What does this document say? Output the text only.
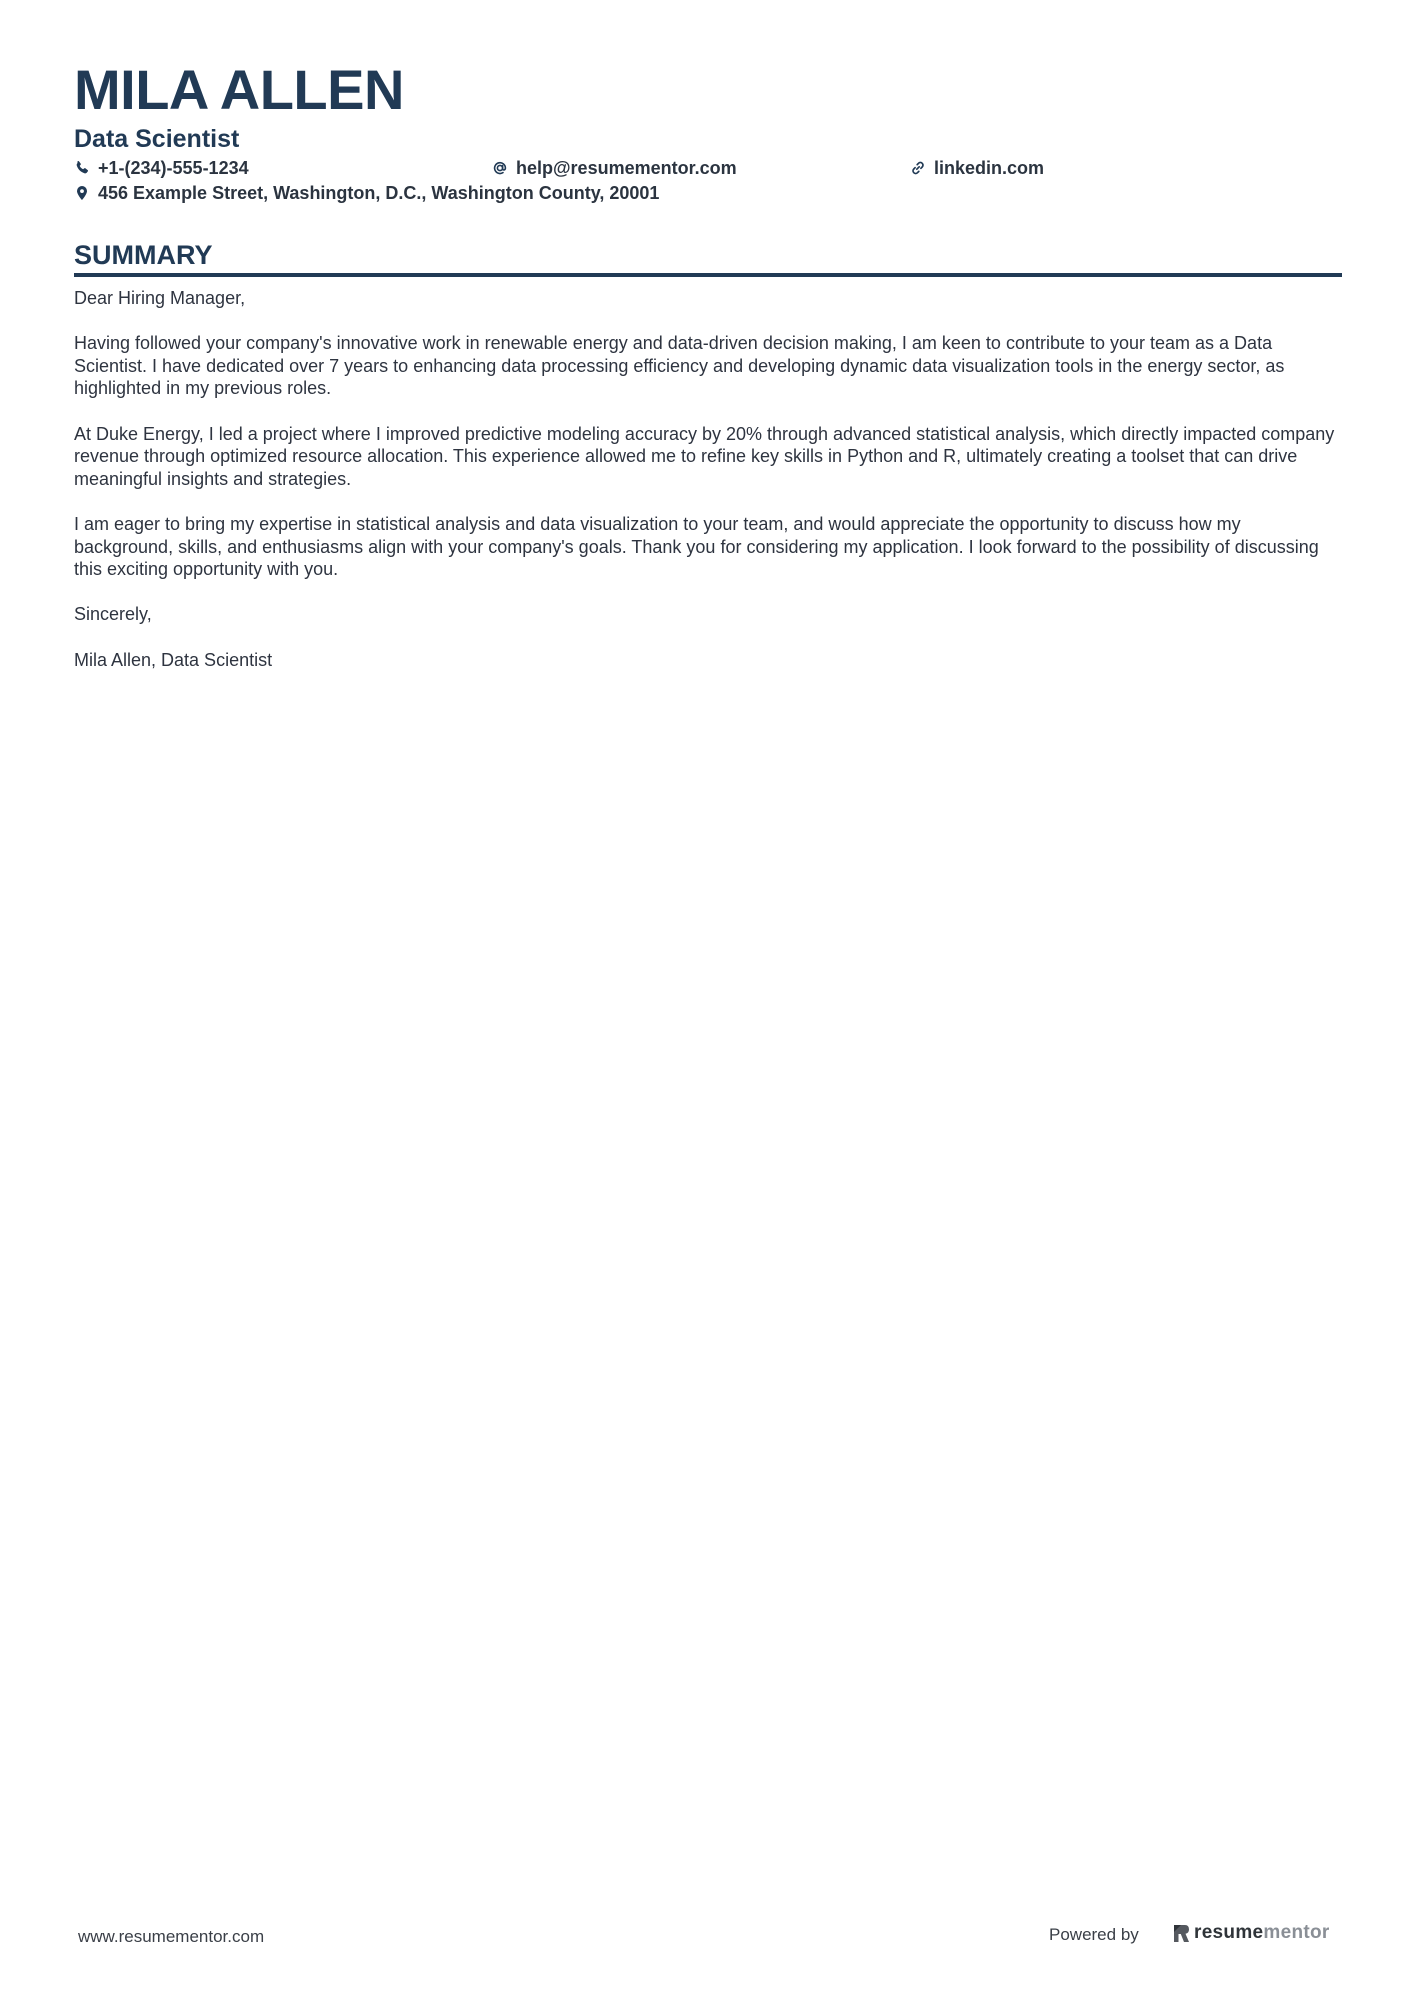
MILA ALLEN
Data Scientist
+1-(234)-555-1234	help@resumementor.com	linkedin.com
456 Example Street, Washington, D.C., Washington County, 20001
SUMMARY

Dear Hiring Manager,

Having followed your company's innovative work in renewable energy and data-driven decision making, I am keen to contribute to your team as a Data Scientist. I have dedicated over 7 years to enhancing data processing efficiency and developing dynamic data visualization tools in the energy sector, as highlighted in my previous roles.

At Duke Energy, I led a project where I improved predictive modeling accuracy by 20% through advanced statistical analysis, which directly impacted company revenue through optimized resource allocation. This experience allowed me to refine key skills in Python and R, ultimately creating a toolset that can drive meaningful insights and strategies.

I am eager to bring my expertise in statistical analysis and data visualization to your team, and would appreciate the opportunity to discuss how my background, skills, and enthusiasms align with your company's goals. Thank you for considering my application. I look forward to the possibility of discussing this exciting opportunity with you.

Sincerely,

Mila Allen, Data Scientist

www.resumementor.com	Powered by	resumementor
